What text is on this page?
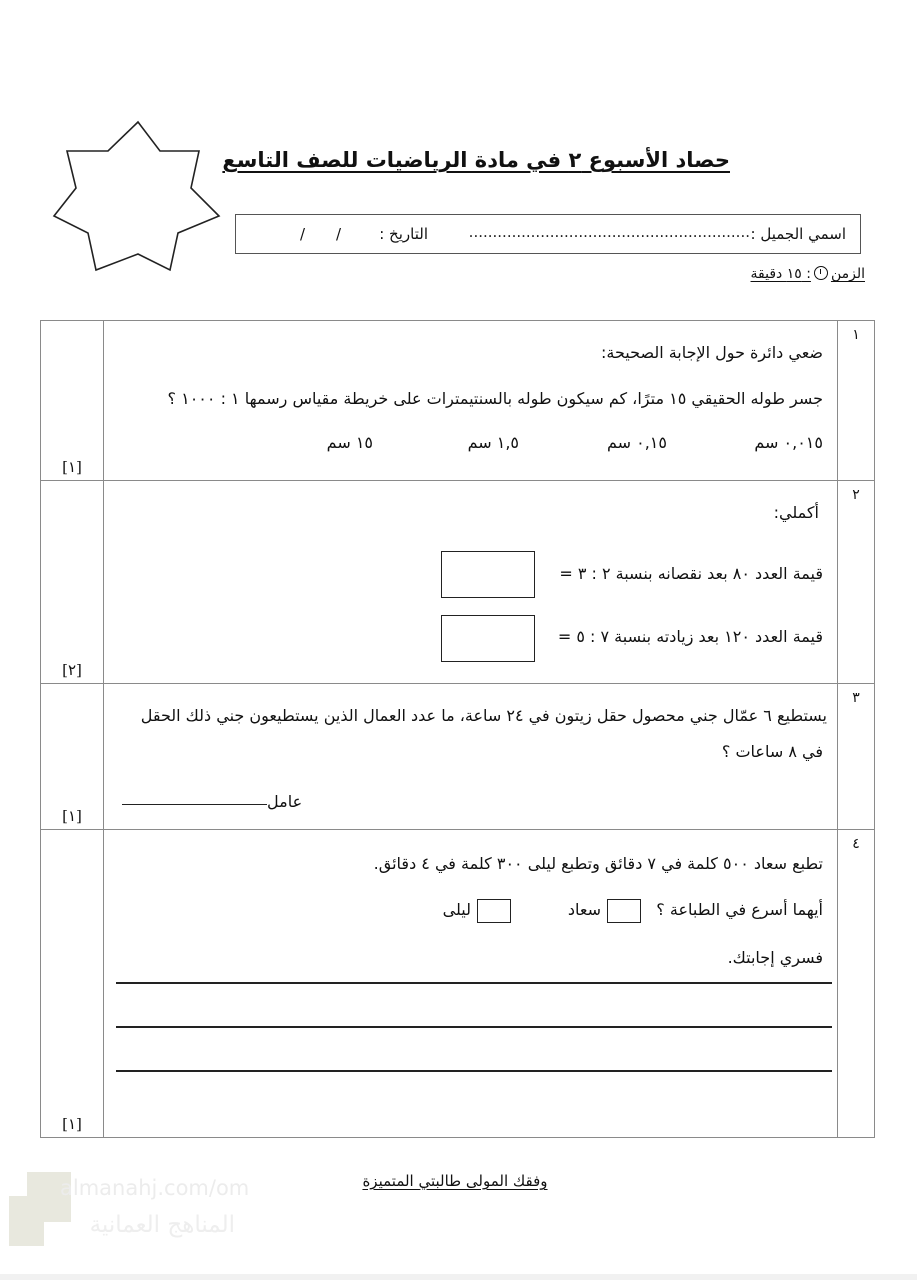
حصاد الأسبوع ٢ في مادة الرياضيات للصف التاسع
اسمي الجميل :
...........................................................
التاريخ :
/
/
الزمن: ١٥ دقيقة
١	
ضعي دائرة حول الإجابة الصحيحة:
جسر طوله الحقيقي ١٥ مترًا، كم سيكون طوله بالسنتيمترات على خريطة مقياس رسمها ١ : ١٠٠٠ ؟
٠,٠١٥ سم
٠,١٥ سم
١,٥ سم
١٥ سم

[١]

٢	أكملي:
قيمة العدد ٨٠ بعد نقصانه بنسبة ٢ : ٣ =
قيمة العدد ١٢٠ بعد زيادته بنسبة ٧ : ٥ =	[٢]

٣	يستطيع ٦ عمّال جني محصول حقل زيتون في ٢٤ ساعة، ما عدد العمال الذين يستطيعون جني ذلك الحقل
في ٨ ساعات ؟
عامل	[١]

٤	تطبع سعاد ٥٠٠ كلمة في ٧ دقائق وتطبع ليلى ٣٠٠ كلمة في ٤ دقائق.
أيهما أسرع في الطباعة ؟
سعاد
ليلى
فسري إجابتك.	[١]
وفقك المولى طالبتي المتميزة
almanahj.com/om
المناهج العمانية
